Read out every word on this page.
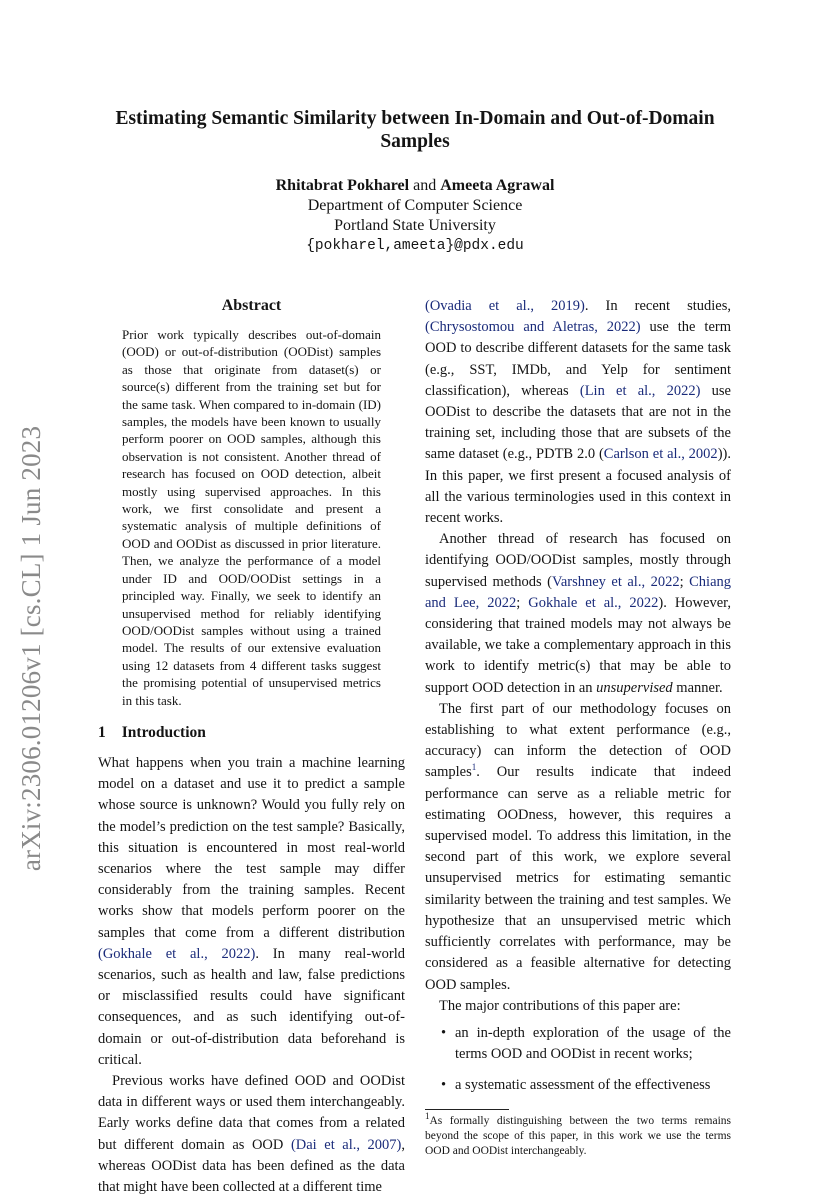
arXiv:2306.01206v1 [cs.CL] 1 Jun 2023
Estimating Semantic Similarity between In-Domain and Out-of-Domain Samples
Rhitabrat Pokharel and Ameeta Agrawal
Department of Computer Science
Portland State University
{pokharel,ameeta}@pdx.edu
Abstract
Prior work typically describes out-of-domain (OOD) or out-of-distribution (OODist) samples as those that originate from dataset(s) or source(s) different from the training set but for the same task. When compared to in-domain (ID) samples, the models have been known to usually perform poorer on OOD samples, although this observation is not consistent. Another thread of research has focused on OOD detection, albeit mostly using supervised approaches. In this work, we first consolidate and present a systematic analysis of multiple definitions of OOD and OODist as discussed in prior literature. Then, we analyze the performance of a model under ID and OOD/OODist settings in a principled way. Finally, we seek to identify an unsupervised method for reliably identifying OOD/OODist samples without using a trained model. The results of our extensive evaluation using 12 datasets from 4 different tasks suggest the promising potential of unsupervised metrics in this task.
1 Introduction

What happens when you train a machine learning model on a dataset and use it to predict a sample whose source is unknown? Would you fully rely on the model’s prediction on the test sample? Basically, this situation is encountered in most real-world scenarios where the test sample may differ considerably from the training samples. Recent works show that models perform poorer on the samples that come from a different distribution (Gokhale et al., 2022). In many real-world scenarios, such as health and law, false predictions or misclassified results could have significant consequences, and as such identifying out-of-domain or out-of-distribution data beforehand is critical.

Previous works have defined OOD and OODist data in different ways or used them interchangeably. Early works define data that comes from a related but different domain as OOD (Dai et al., 2007), whereas OODist data has been defined as the data that might have been collected at a different time

(Ovadia et al., 2019). In recent studies, (Chrysostomou and Aletras, 2022) use the term OOD to describe different datasets for the same task (e.g., SST, IMDb, and Yelp for sentiment classification), whereas (Lin et al., 2022) use OODist to describe the datasets that are not in the training set, including those that are subsets of the same dataset (e.g., PDTB 2.0 (Carlson et al., 2002)). In this paper, we first present a focused analysis of all the various terminologies used in this context in recent works.

Another thread of research has focused on identifying OOD/OODist samples, mostly through supervised methods (Varshney et al., 2022; Chiang and Lee, 2022; Gokhale et al., 2022). However, considering that trained models may not always be available, we take a complementary approach in this work to identify metric(s) that may be able to support OOD detection in an unsupervised manner.

The first part of our methodology focuses on establishing to what extent performance (e.g., accuracy) can inform the detection of OOD samples$^1$. Our results indicate that indeed performance can serve as a reliable metric for estimating OODness, however, this requires a supervised model. To address this limitation, in the second part of this work, we explore several unsupervised metrics for estimating semantic similarity between the training and test samples. We hypothesize that an unsupervised metric which sufficiently correlates with performance, may be considered as a feasible alternative for detecting OOD samples.

The major contributions of this paper are:

• an in-depth exploration of the usage of the terms OOD and OODist in recent works;
• a systematic assessment of the effectiveness
$^1$As formally distinguishing between the two terms remains beyond the scope of this paper, in this work we use the terms OOD and OODist interchangeably.
